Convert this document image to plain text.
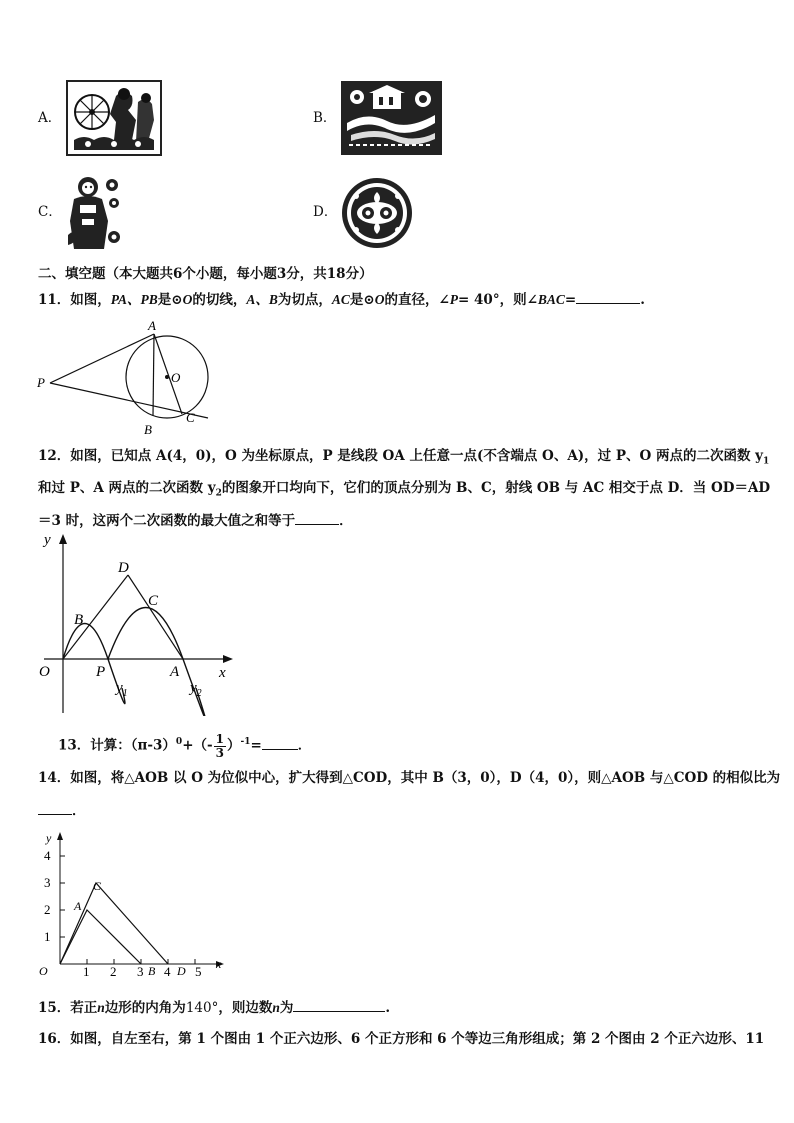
A．	B．
C．	D．
二、填空题（本大题共6个小题，每小题3分，共18分）
11．如图，PA、PB是⊙O的切线，A、B为切点，AC是⊙O的直径，∠P= 40°，则∠BAC=	.
A
P	O
B
C
12．如图，已知点 A(4，0)，O 为坐标原点，P 是线段 OA 上任意一点(不含端点 O、A)，过 P、O 两点的二次函数 $y_1$
和过 P、A 两点的二次函数 $y_2$的图象开口均向下，它们的顶点分别为 B、C，射线 OB 与 AC 相交于点 D．当 OD＝AD
＝3 时，这两个二次函数的最大值之和等于	．
y
x
O
B
D
C
P	A
$y_1$	$y_2$
13．计算：$(\pi-3)^0+(- \frac{1}{3} )^{-1}=$	．
14．如图，将△AOB 以 O 为位似中心，扩大得到△COD，其中 B（3，0），D（4，0），则△AOB 与△COD 的相似比为
．
y
x
O
A
C
B D
4
3
2
1
1 2 3 4 5
15．若正n边形的内角为140°，则边数n为	.
16．如图，自左至右，第 1 个图由 1 个正六边形、6 个正方形和 6 个等边三角形组成；第 2 个图由 2 个正六边形、11
